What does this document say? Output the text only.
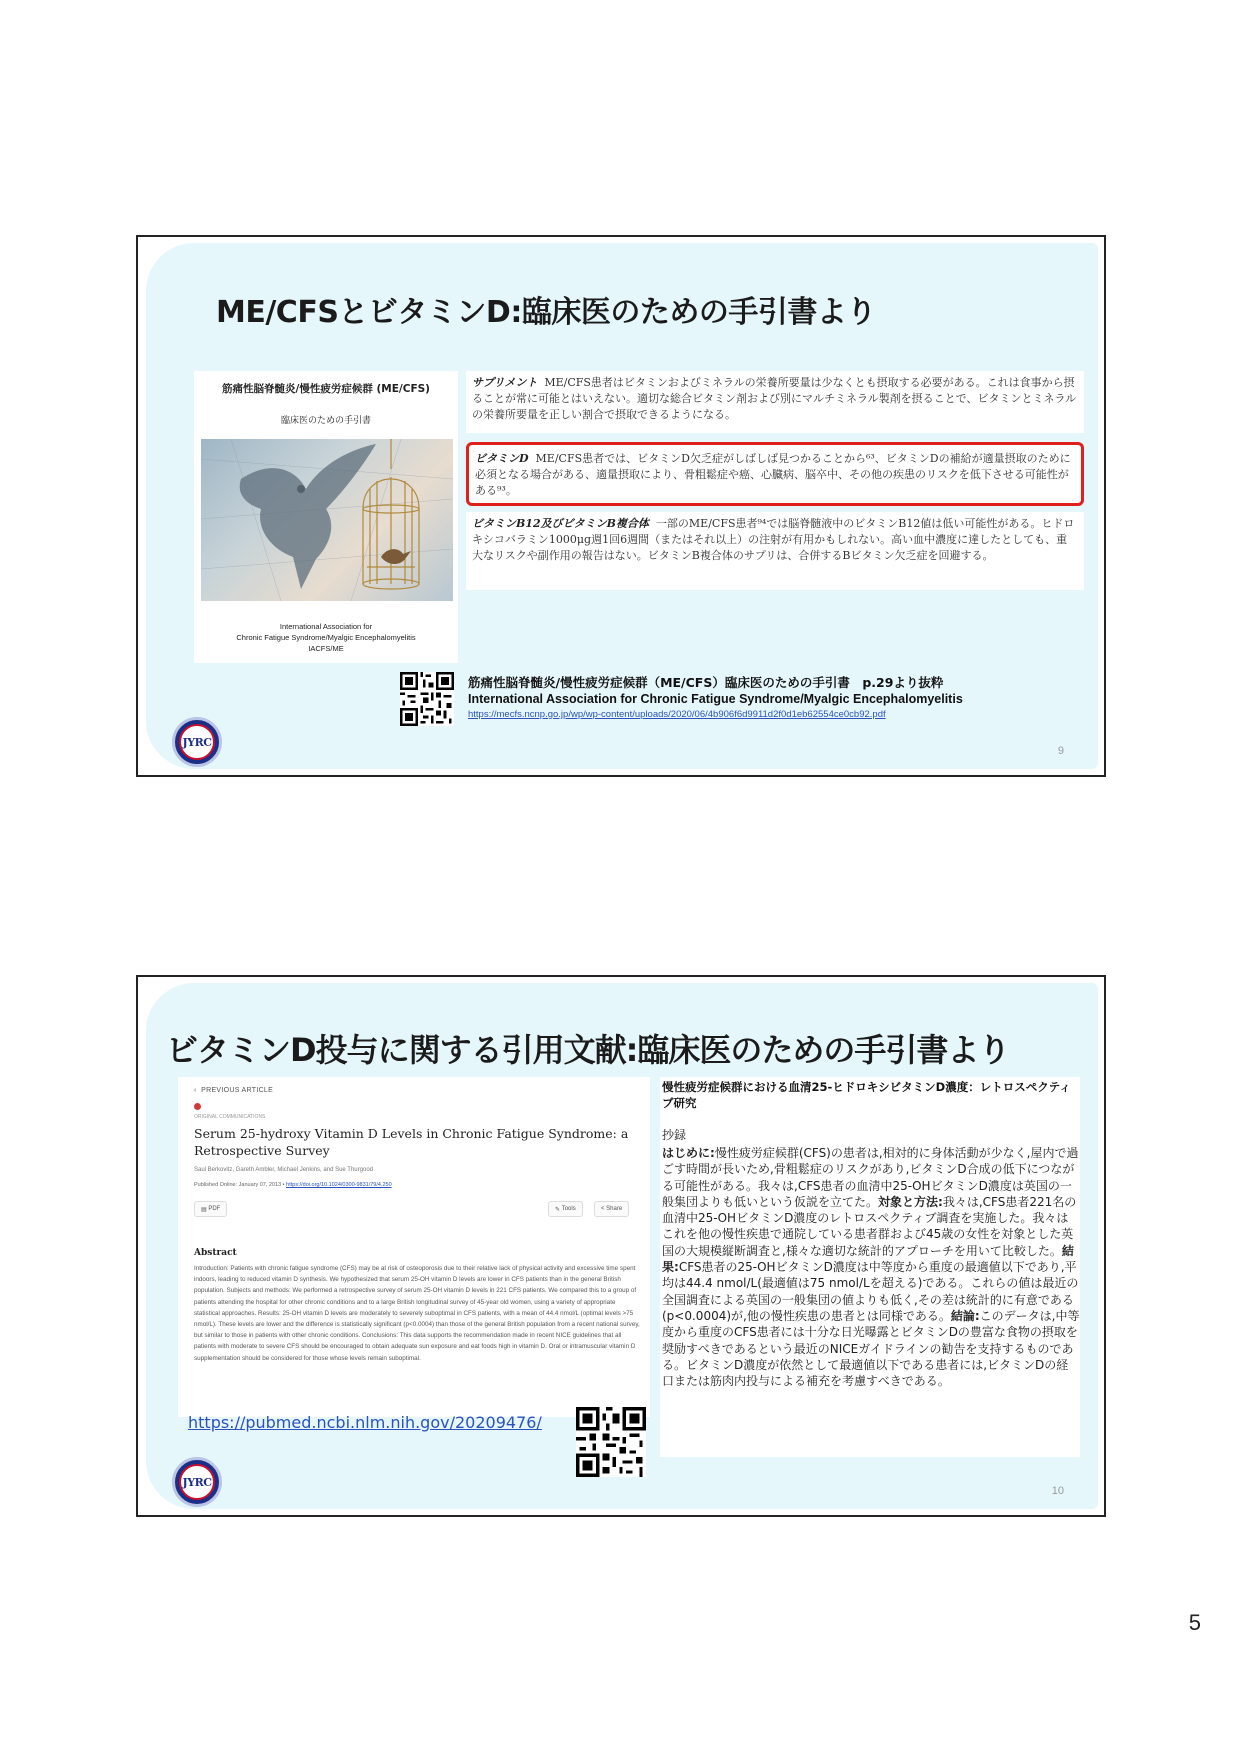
ME/CFSとビタミンD:臨床医のための手引書より
筋痛性脳脊髄炎/慢性疲労症候群 (ME/CFS)
臨床医のための手引書
International Association for
Chronic Fatigue Syndrome/Myalgic Encephalomyelitis
IACFS/ME
サプリメント ME/CFS患者はビタミンおよびミネラルの栄養所要量は少なくとも摂取する必要がある。これは食事から摂ることが常に可能とはいえない。適切な総合ビタミン剤および別にマルチミネラル製剤を摂ることで、ビタミンとミネラルの栄養所要量を正しい割合で摂取できるようになる。
ビタミンD ME/CFS患者では、ビタミンD欠乏症がしばしば見つかることから⁶³、ビタミンDの補給が適量摂取のために必須となる場合がある、適量摂取により、骨粗鬆症や癌、心臓病、脳卒中、その他の疾患のリスクを低下させる可能性がある⁹³。
ビタミンB12及びビタミンB複合体 一部のME/CFS患者⁹⁴では脳脊髄液中のビタミンB12値は低い可能性がある。ヒドロキシコバラミン1000μg週1回6週間（またはそれ以上）の注射が有用かもしれない。高い血中濃度に達したとしても、重大なリスクや副作用の報告はない。ビタミンB複合体のサプリは、合併するBビタミン欠乏症を回避する。
筋痛性脳脊髄炎/慢性疲労症候群（ME/CFS）臨床医のための手引書　p.29より抜粋
International Association for Chronic Fatigue Syndrome/Myalgic Encephalomyelitis
https://mecfs.ncnp.go.jp/wp/wp-content/uploads/2020/06/4b906f6d9911d2f0d1eb62554ce0cb92.pdf
JYRC
9
ビタミンD投与に関する引用文献:臨床医のための手引書より
‹  PREVIOUS ARTICLE
ORIGINAL COMMUNICATIONS
Serum 25-hydroxy Vitamin D Levels in Chronic Fatigue Syndrome: a Retrospective Survey
Saul Berkovitz, Gareth Ambler, Michael Jenkins, and Sue Thurgood
Published Online: January 07, 2013 • https://doi.org/10.1024/0300-9831/79/4.250
▤ PDF	✎ Tools	< Share
Abstract
Introduction: Patients with chronic fatigue syndrome (CFS) may be at risk of osteoporosis due to their relative lack of physical activity and excessive time spent indoors, leading to reduced vitamin D synthesis. We hypothesized that serum 25-OH vitamin D levels are lower in CFS patients than in the general British population. Subjects and methods: We performed a retrospective survey of serum 25-OH vitamin D levels in 221 CFS patients. We compared this to a group of patients attending the hospital for other chronic conditions and to a large British longitudinal survey of 45-year old women, using a variety of appropriate statistical approaches. Results: 25-OH vitamin D levels are moderately to severely suboptimal in CFS patients, with a mean of 44.4 nmol/L (optimal levels >75 nmol/L). These levels are lower and the difference is statistically significant (p<0.0004) than those of the general British population from a recent national survey, but similar to those in patients with other chronic conditions. Conclusions: This data supports the recommendation made in recent NICE guidelines that all patients with moderate to severe CFS should be encouraged to obtain adequate sun exposure and eat foods high in vitamin D. Oral or intramuscular vitamin D supplementation should be considered for those whose levels remain suboptimal.
https://pubmed.ncbi.nlm.nih.gov/20209476/
慢性疲労症候群における血清25-ヒドロキシビタミンD濃度：レトロスペクティブ研究
抄録
はじめに:慢性疲労症候群(CFS)の患者は,相対的に身体活動が少なく,屋内で過ごす時間が長いため,骨粗鬆症のリスクがあり,ビタミンD合成の低下につながる可能性がある。我々は,CFS患者の血清中25-OHビタミンD濃度は英国の一般集団よりも低いという仮説を立てた。対象と方法:我々は,CFS患者221名の血清中25-OHビタミンD濃度のレトロスペクティブ調査を実施した。我々はこれを他の慢性疾患で通院している患者群および45歳の女性を対象とした英国の大規模縦断調査と,様々な適切な統計的アプローチを用いて比較した。結果:CFS患者の25-OHビタミンD濃度は中等度から重度の最適値以下であり,平均は44.4 nmol/L(最適値は75 nmol/Lを超える)である。これらの値は最近の全国調査による英国の一般集団の値よりも低く,その差は統計的に有意である(p<0.0004)が,他の慢性疾患の患者とは同様である。結論:このデータは,中等度から重度のCFS患者には十分な日光曝露とビタミンDの豊富な食物の摂取を奨励すべきであるという最近のNICEガイドラインの勧告を支持するものである。ビタミンD濃度が依然として最適値以下である患者には,ビタミンDの経口または筋肉内投与による補充を考慮すべきである。
JYRC
10
5
